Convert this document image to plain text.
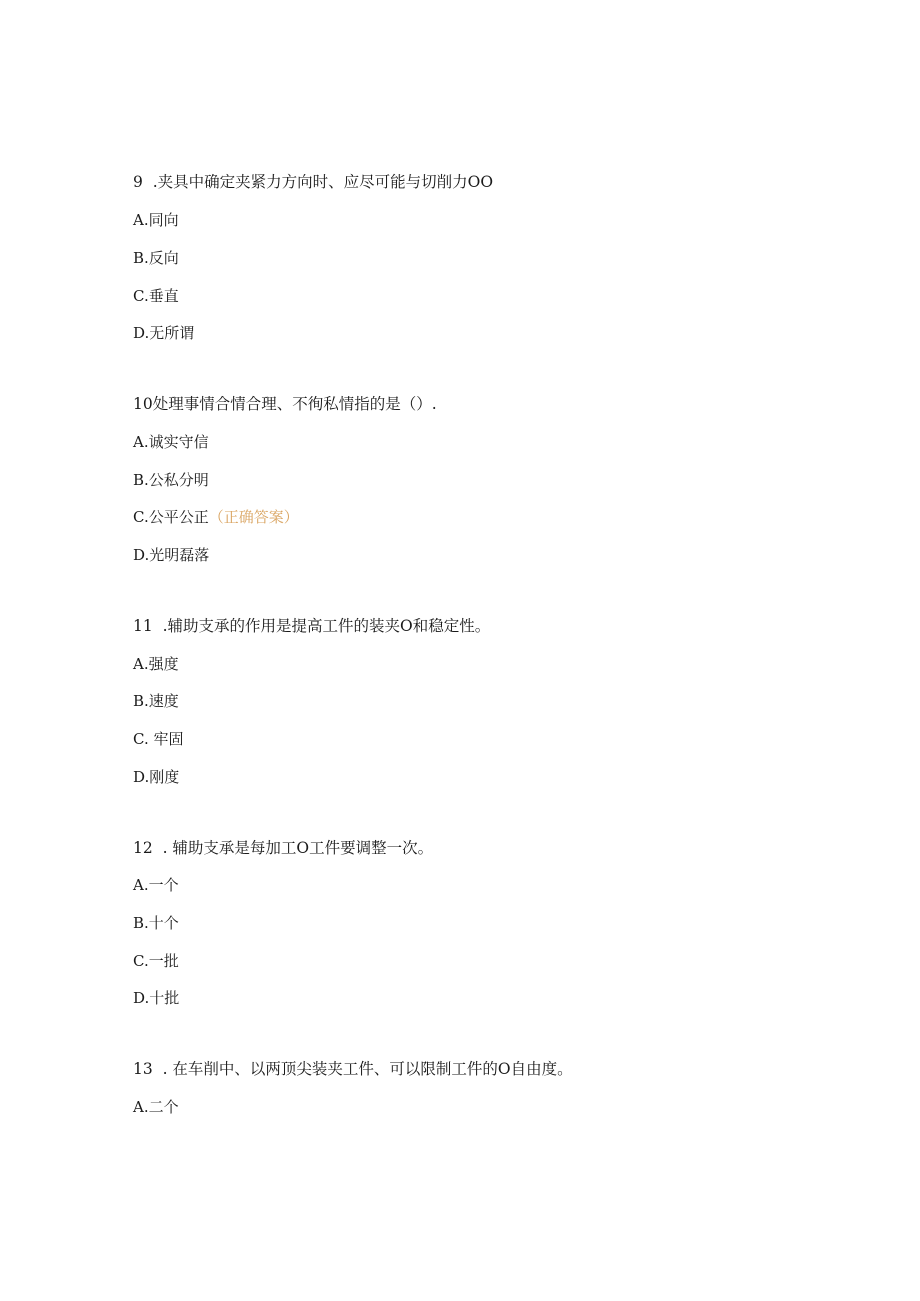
9  .夹具中确定夹紧力方向时、应尽可能与切削力OO
A.同向
B.反向
C.垂直
D.无所谓
10处理事情合情合理、不徇私情指的是（）.
A.诚实守信
B.公私分明
C.公平公正（正确答案）
D.光明磊落
11  .辅助支承的作用是提高工件的装夹O和稳定性。
A.强度
B.速度
C. 牢固
D.刚度
12  . 辅助支承是每加工O工件要调整一次。
A.一个
B.十个
C.一批
D.十批
13  . 在车削中、以两顶尖装夹工件、可以限制工件的O自由度。
A.二个
